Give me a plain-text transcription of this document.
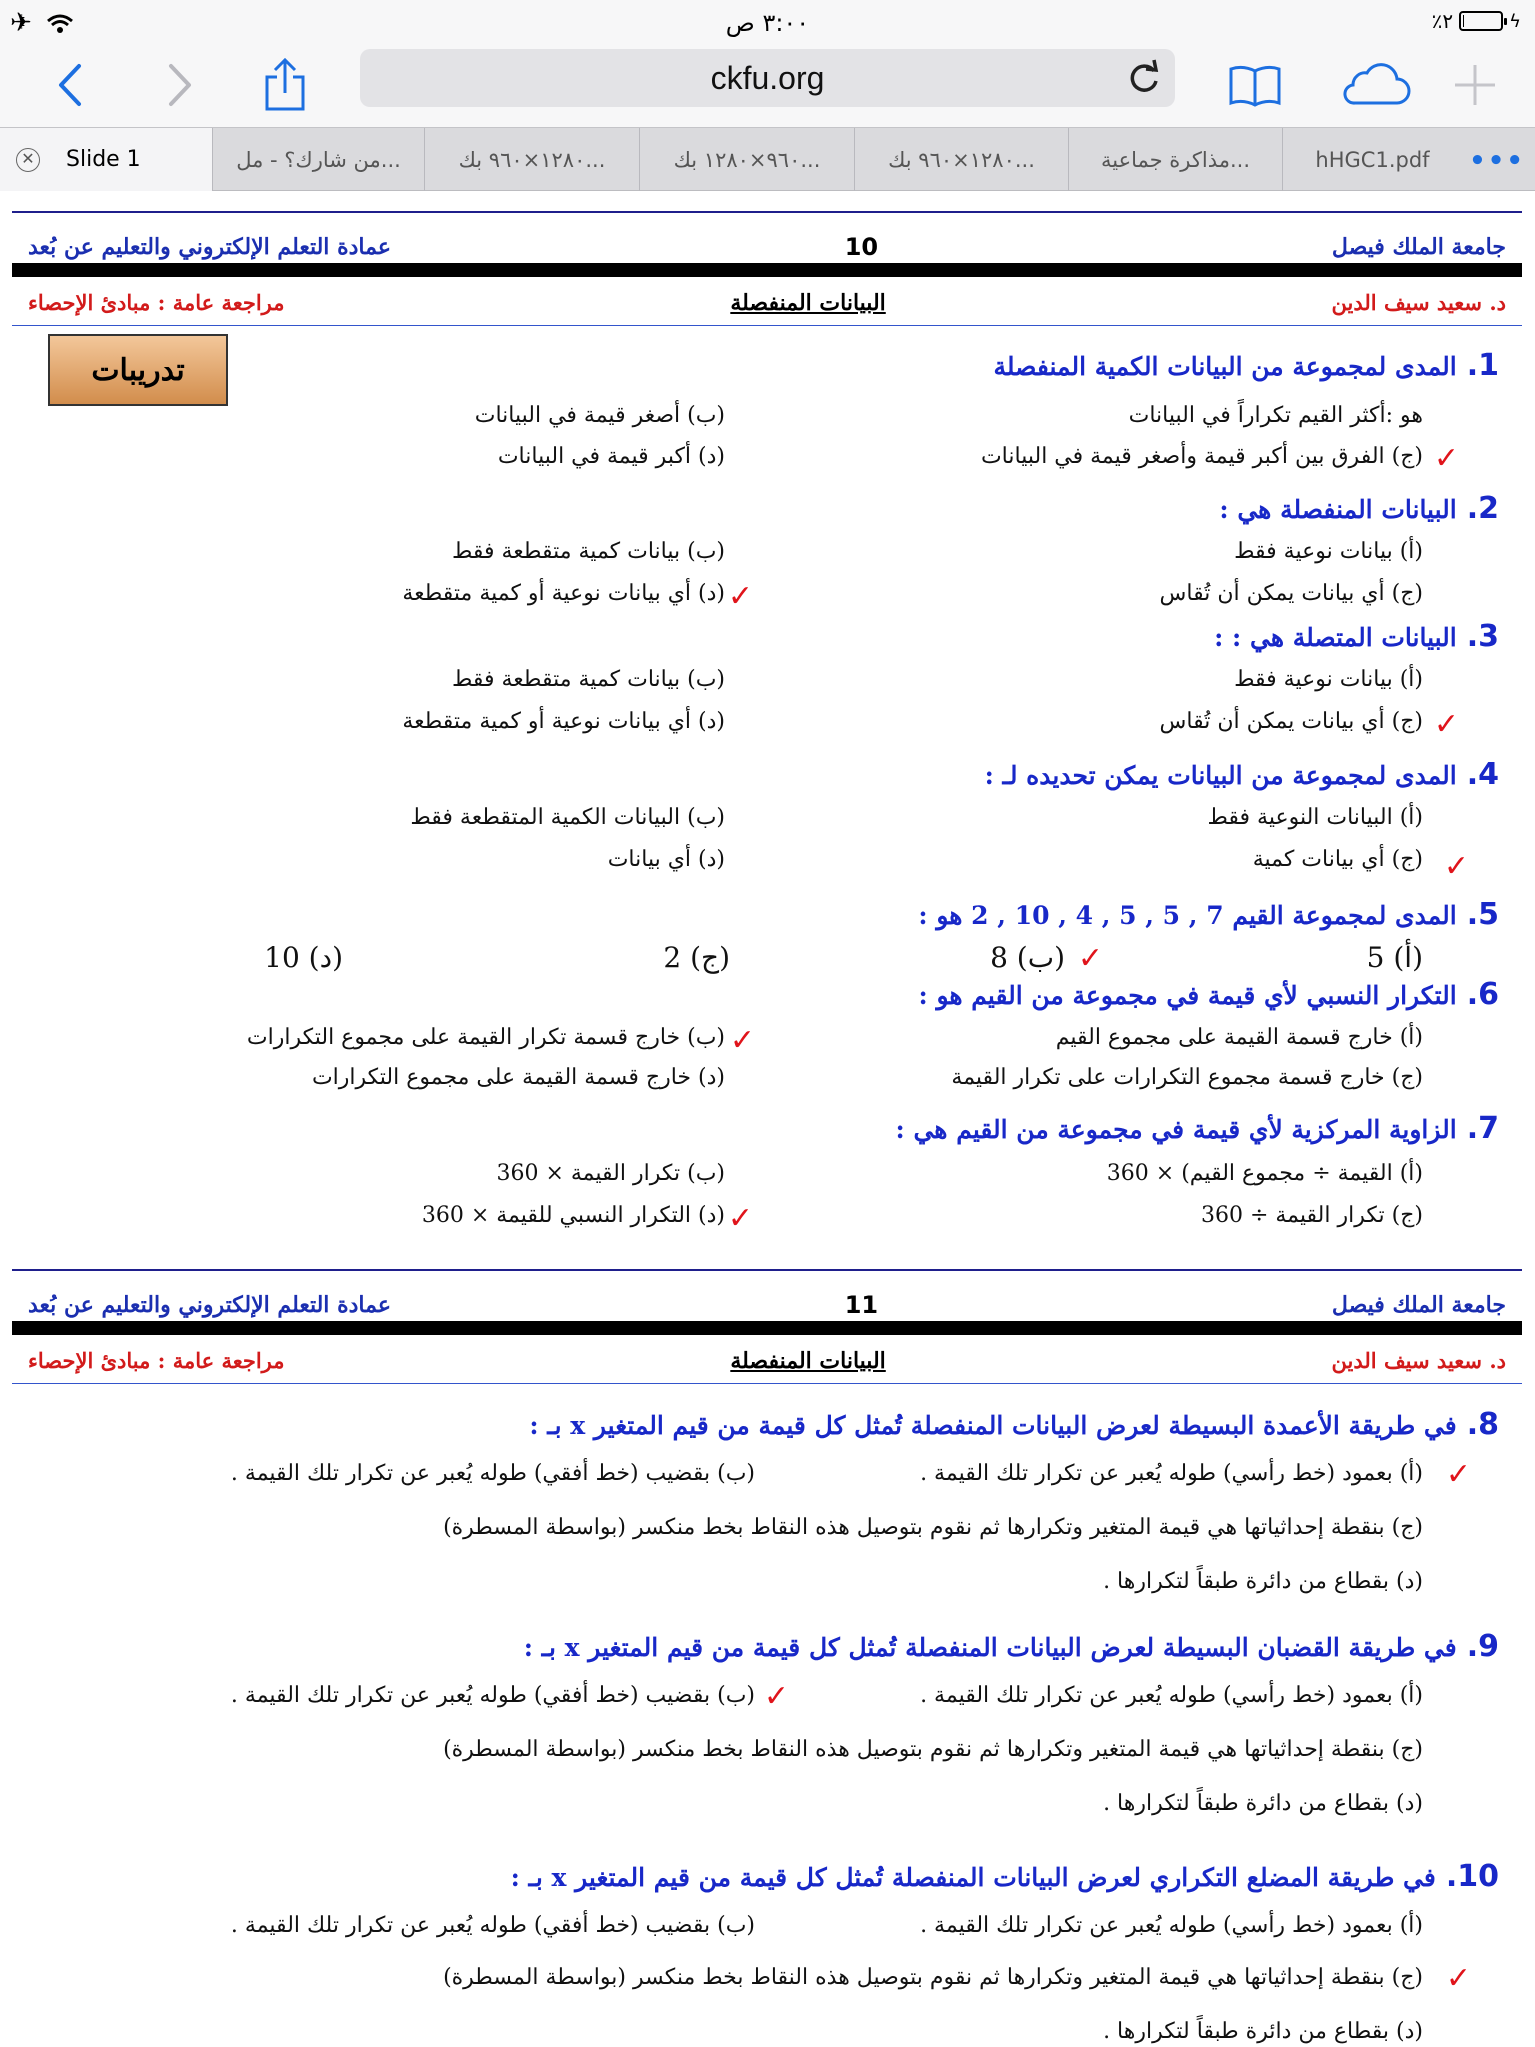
✈	٣:٠٠ ص	٪٢	ϟ
ckfu.org
✕ Slide 1	من شارك؟ - مل...	١٢٨٠×٩٦٠ بك...	٩٦٠×١٢٨٠ بك...	١٢٨٠×٩٦٠ بك...	مذاكرة جماعية...	hHGC1.pdf •••
عمادة التعلم الإلكتروني والتعليم عن بُعد	10	جامعة الملك فيصل
مراجعة عامة : مبادئ الإحصاء	البيانات المنفصلة	د. سعيد سيف الدين
تدريبات	1.المدى لمجموعة من البيانات الكمية المنفصلة
هو :أكثر القيم تكراراً في البيانات
(ب) أصغر قيمة في البيانات
(ج) الفرق بين أكبر قيمة وأصغر قيمة في البيانات ✓
(د) أكبر قيمة في البيانات
2.البيانات المنفصلة هي :
(أ) بيانات نوعية فقط
(ب) بيانات كمية متقطعة فقط
(ج) أي بيانات يمكن أن تُقاس
(د) أي بيانات نوعية أو كمية متقطعة ✓
3.البيانات المتصلة هي : :
(أ) بيانات نوعية فقط
(ب) بيانات كمية متقطعة فقط
(ج) أي بيانات يمكن أن تُقاس ✓
(د) أي بيانات نوعية أو كمية متقطعة
4.المدى لمجموعة من البيانات يمكن تحديده لـ :
(أ) البيانات النوعية فقط
(ب) البيانات الكمية المتقطعة فقط
(ج) أي بيانات كمية ✓
(د) أي بيانات
5.المدى لمجموعة القيم 7 , 5 , 5 , 4 , 10 , 2 هو :
(أ) 5
(ب) 8 ✓
(ج) 2
(د) 10
6.التكرار النسبي لأي قيمة في مجموعة من القيم هو :
(أ) خارج قسمة القيمة على مجموع القيم
(ب) خارج قسمة تكرار القيمة على مجموع التكرارات ✓
(ج) خارج قسمة مجموع التكرارات على تكرار القيمة
(د) خارج قسمة القيمة على مجموع التكرارات
7.الزاوية المركزية لأي قيمة في مجموعة من القيم هي :
(أ) القيمة ÷ مجموع القيم) × 360
(ب) تكرار القيمة × 360
(ج) تكرار القيمة ÷ 360
(د) التكرار النسبي للقيمة × 360 ✓
عمادة التعلم الإلكتروني والتعليم عن بُعد	11	جامعة الملك فيصل
مراجعة عامة : مبادئ الإحصاء	البيانات المنفصلة	د. سعيد سيف الدين
8.في طريقة الأعمدة البسيطة لعرض البيانات المنفصلة تُمثل كل قيمة من قيم المتغير x بـ :
✓
(أ) بعمود (خط رأسي) طوله يُعبر عن تكرار تلك القيمة .
(ب) بقضيب (خط أفقي) طوله يُعبر عن تكرار تلك القيمة .
(ج) بنقطة إحداثياتها هي قيمة المتغير وتكرارها ثم نقوم بتوصيل هذه النقاط بخط منكسر (بواسطة المسطرة)
(د) بقطاع من دائرة طبقاً لتكرارها .
9.في طريقة القضبان البسيطة لعرض البيانات المنفصلة تُمثل كل قيمة من قيم المتغير x بـ :
(أ) بعمود (خط رأسي) طوله يُعبر عن تكرار تلك القيمة .
✓
(ب) بقضيب (خط أفقي) طوله يُعبر عن تكرار تلك القيمة .
(ج) بنقطة إحداثياتها هي قيمة المتغير وتكرارها ثم نقوم بتوصيل هذه النقاط بخط منكسر (بواسطة المسطرة)
(د) بقطاع من دائرة طبقاً لتكرارها .
10.في طريقة المضلع التكراري لعرض البيانات المنفصلة تُمثل كل قيمة من قيم المتغير x بـ :
(أ) بعمود (خط رأسي) طوله يُعبر عن تكرار تلك القيمة .
(ب) بقضيب (خط أفقي) طوله يُعبر عن تكرار تلك القيمة .
✓
(ج) بنقطة إحداثياتها هي قيمة المتغير وتكرارها ثم نقوم بتوصيل هذه النقاط بخط منكسر (بواسطة المسطرة)
(د) بقطاع من دائرة طبقاً لتكرارها .
